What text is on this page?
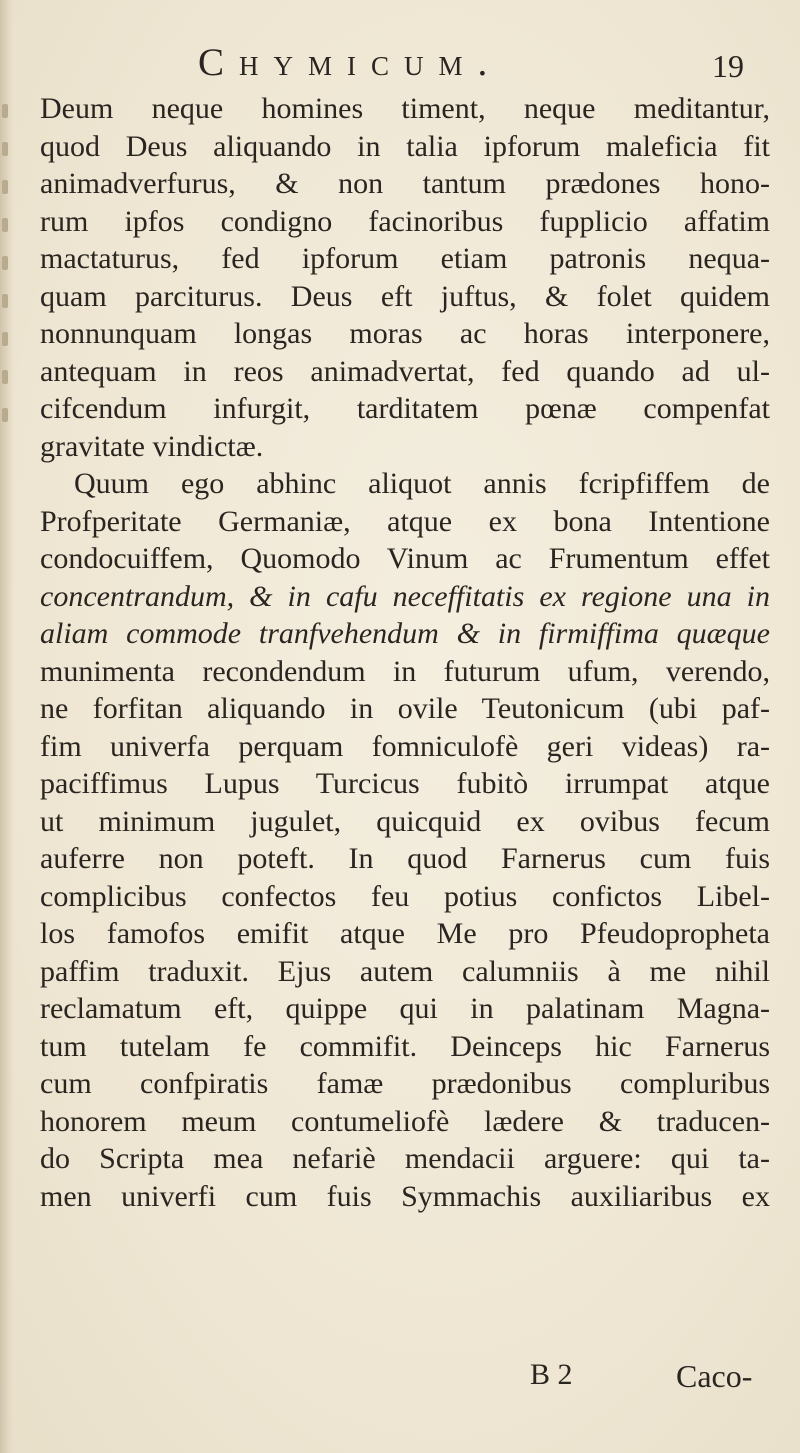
Chymicum.	19
Deum neque homines timent, neque meditantur,
quod Deus aliquando in talia ipforum maleficia fit
animadverfurus, & non tantum prædones hono-
rum ipfos condigno facinoribus fupplicio affatim
mactaturus, fed ipforum etiam patronis nequa-
quam parciturus. Deus eft juftus, & folet quidem
nonnunquam longas moras ac horas interponere,
antequam in reos animadvertat, fed quando ad ul-
cifcendum infurgit, tarditatem pœnæ compenfat
gravitate vindictæ.
Quum ego abhinc aliquot annis fcripfiffem de
Profperitate Germaniæ, atque ex bona Intentione
condocuiffem, Quomodo Vinum ac Frumentum effet
concentrandum, & in cafu neceffitatis ex regione una in
aliam commode tranfvehendum & in firmiffima quæque
munimenta recondendum in futurum ufum, verendo,
ne forfitan aliquando in ovile Teutonicum (ubi paf-
fim univerfa perquam fomniculofè geri videas) ra-
paciffimus Lupus Turcicus fubitò irrumpat atque
ut minimum jugulet, quicquid ex ovibus fecum
auferre non poteft. In quod Farnerus cum fuis
complicibus confectos feu potius confictos Libel-
los famofos emifit atque Me pro Pfeudopropheta
paffim traduxit. Ejus autem calumniis à me nihil
reclamatum eft, quippe qui in palatinam Magna-
tum tutelam fe commifit. Deinceps hic Farnerus
cum confpiratis famæ prædonibus compluribus
honorem meum contumeliofè lædere & traducen-
do Scripta mea nefariè mendacii arguere: qui ta-
men univerfi cum fuis Symmachis auxiliaribus ex
B 2	Caco-
